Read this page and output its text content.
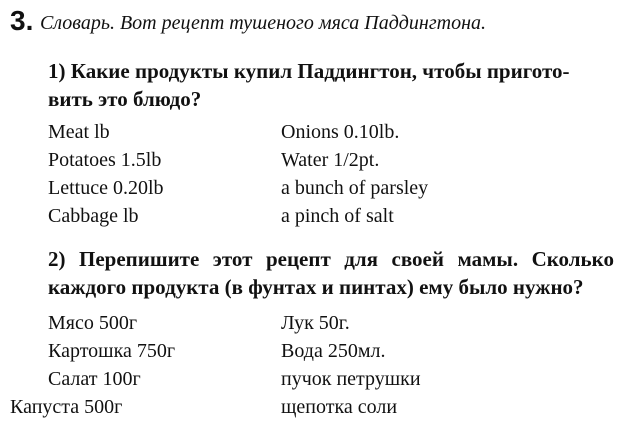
3. Словарь. Вот рецепт тушеного мяса Паддингтона.
1) Какие продукты купил Паддингтон, чтобы пригото-
вить это блюдо?
Meat lb
Potatoes 1.5lb
Lettuce 0.20lb
Cabbage lb
Onions 0.10lb.
Water 1/2pt.
a bunch of parsley
a pinch of salt
2) Перепишите этот рецепт для своей мамы. Сколько
каждого продукта (в фунтах и пинтах) ему было нужно?
Мясо 500г
Картошка 750г
Салат 100г
Капуста 500г
Лук 50г.
Вода 250мл.
пучок петрушки
щепотка соли
